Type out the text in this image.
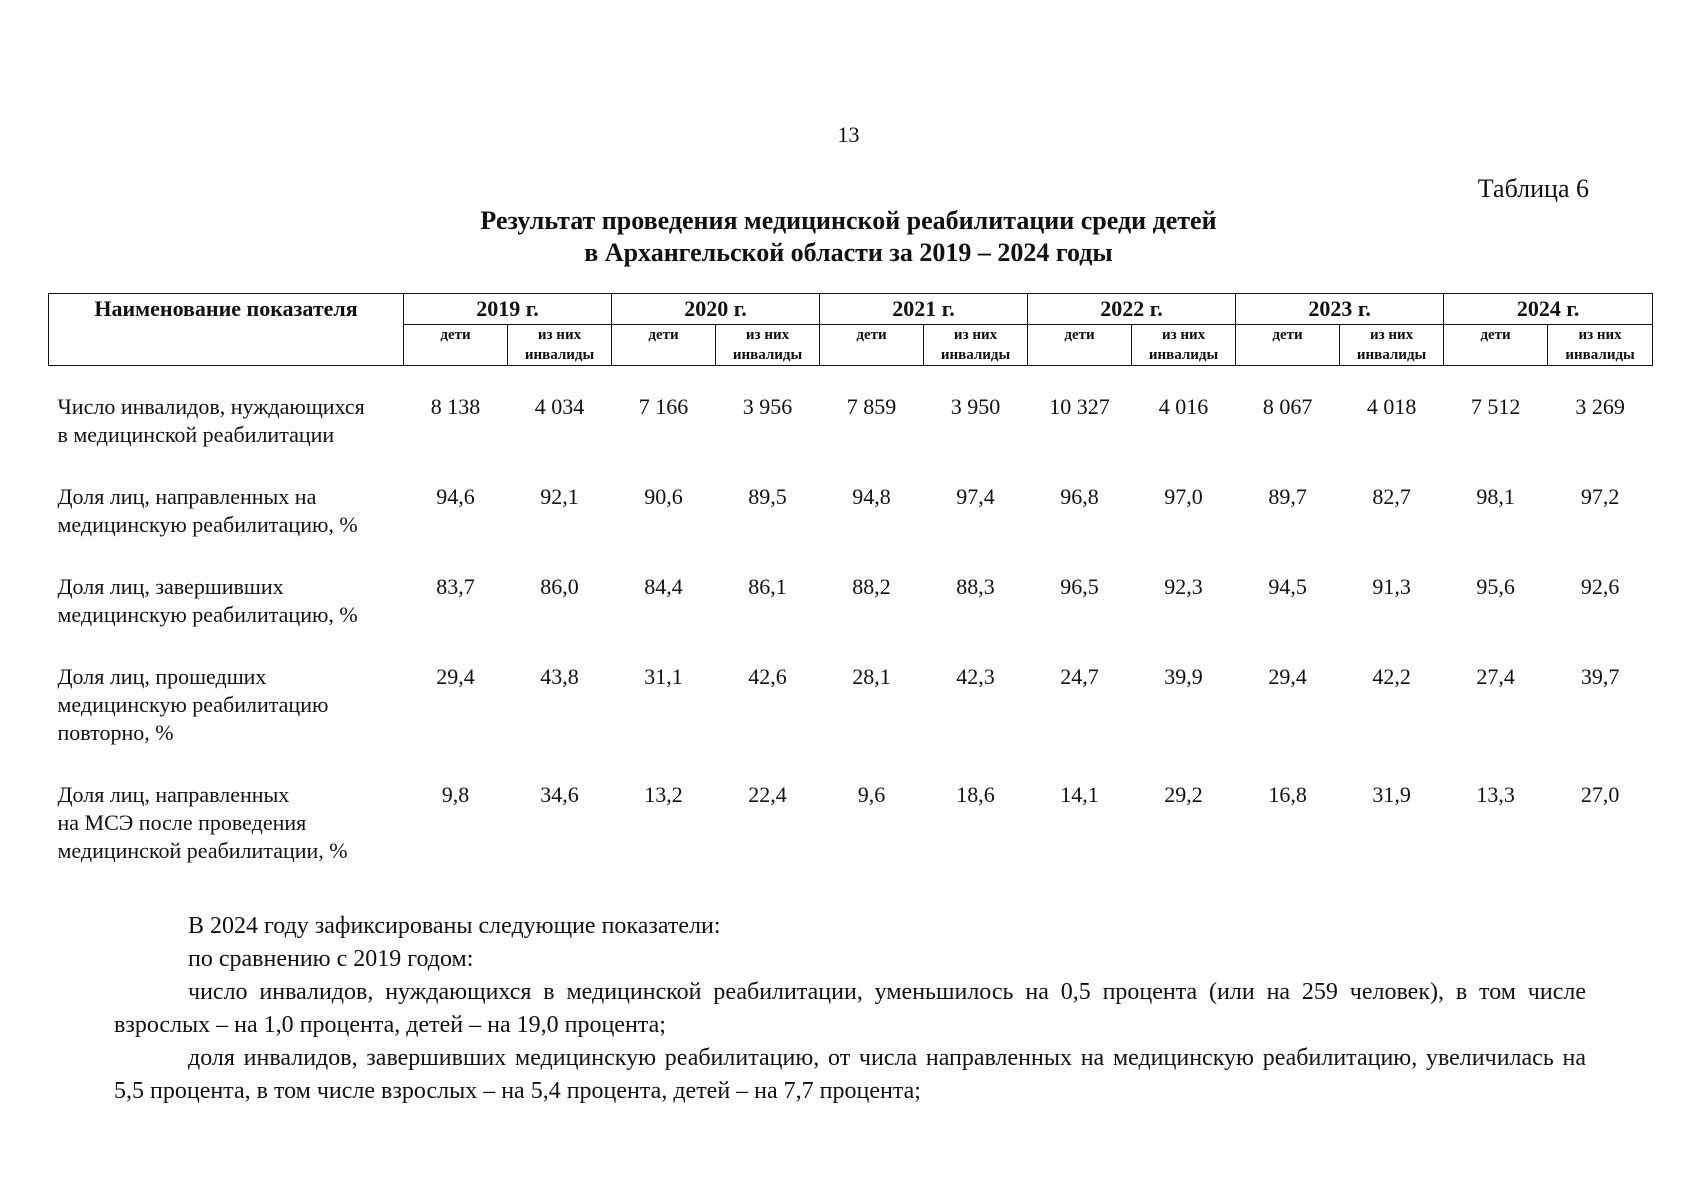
13
Таблица 6
Результат проведения медицинской реабилитации среди детей
в Архангельской области за 2019 – 2024 годы
Наименование показателя	2019 г.		2020 г.		2021 г.		2022 г.		2023 г.		2024 г.	
	дети	из них инвалиды	дети	из них инвалиды	дети	из них инвалиды	дети	из них инвалиды	дети	из них инвалиды	дети	из них инвалиды

Число инвалидов, нуждающихся
в медицинской реабилитации	8 138	4 034	7 166	3 956	7 859	3 950	10 327	4 016	8 067	4 018	7 512	3 269

Доля лиц, направленных на
медицинскую реабилитацию, %	94,6	92,1	90,6	89,5	94,8	97,4	96,8	97,0	89,7	82,7	98,1	97,2

Доля лиц, завершивших
медицинскую реабилитацию, %	83,7	86,0	84,4	86,1	88,2	88,3	96,5	92,3	94,5	91,3	95,6	92,6

Доля лиц, прошедших
медицинскую реабилитацию
повторно, %	29,4	43,8	31,1	42,6	28,1	42,3	24,7	39,9	29,4	42,2	27,4	39,7

Доля лиц, направленных
на МСЭ после проведения
медицинской реабилитации, %	9,8	34,6	13,2	22,4	9,6	18,6	14,1	29,2	16,8	31,9	13,3	27,0

В 2024 году зафиксированы следующие показатели:

по сравнению с 2019 годом:

число инвалидов, нуждающихся в медицинской реабилитации, уменьшилось на 0,5 процента (или на 259 человек), в том числе взрослых – на 1,0 процента, детей – на 19,0 процента;

доля инвалидов, завершивших медицинскую реабилитацию, от числа направленных на медицинскую реабилитацию, увеличилась на 5,5 процента, в том числе взрослых – на 5,4 процента, детей – на 7,7 процента;
